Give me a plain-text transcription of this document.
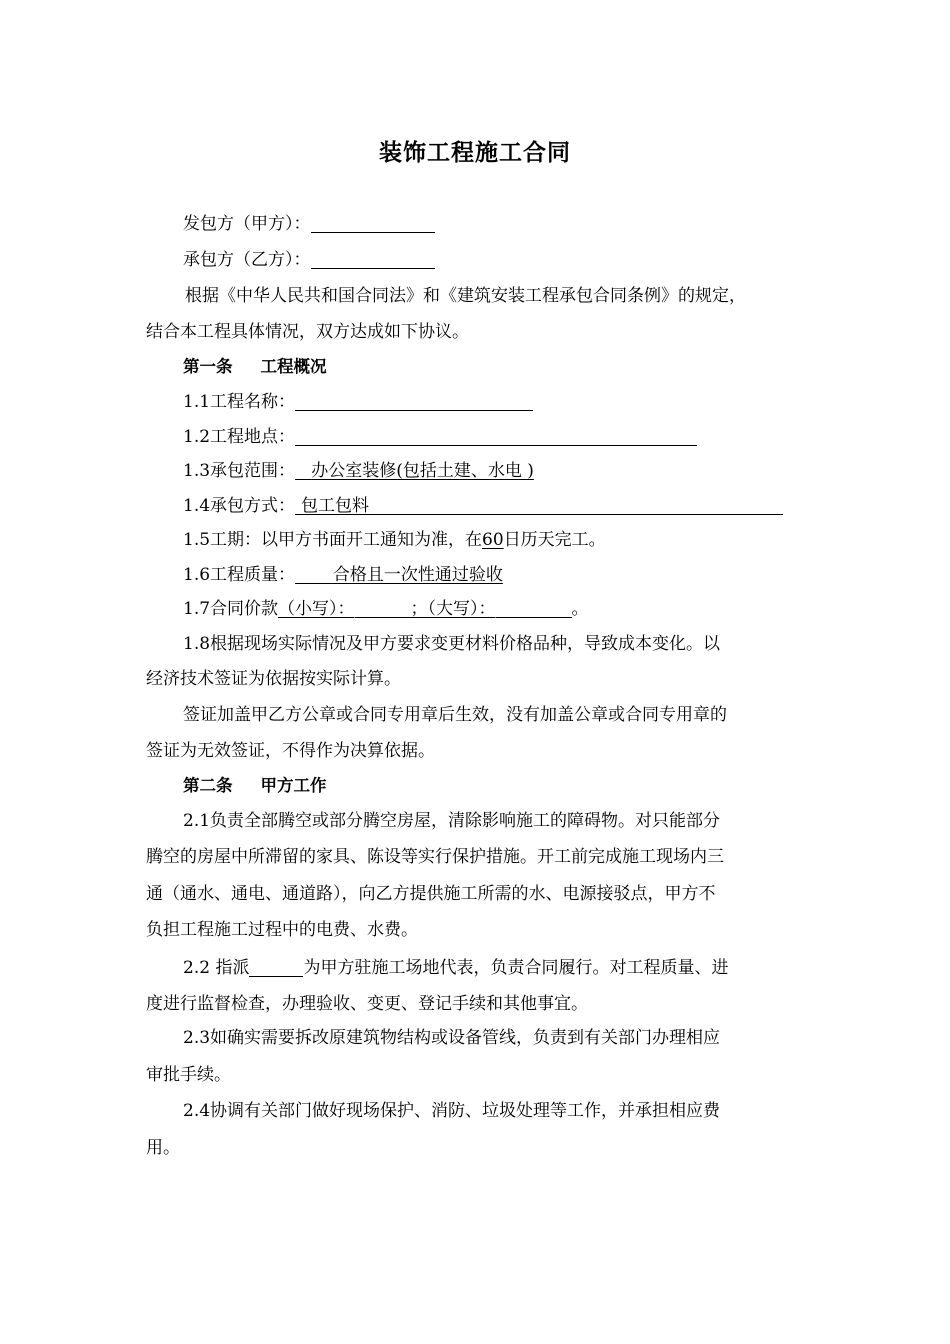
装饰工程施工合同
发包方（甲方）：
承包方（乙方）：
根据《中华人民共和国合同法》和《建筑安装工程承包合同条例》的规定，
结合本工程具体情况，双方达成如下协议。
第一条 工程概况
1.1工程名称：
1.2工程地点：
1.3承包范围： 办公室装修(包括土建、水电 )
1.4承包方式： 包工包料
1.5工期：以甲方书面开工通知为准，在60日历天完工。
1.6工程质量： 合格且一次性通过验收
1.7合同价款（小写）：	；（大写）：	。
1.8根据现场实际情况及甲方要求变更材料价格品种，导致成本变化。以
经济技术签证为依据按实际计算。
签证加盖甲乙方公章或合同专用章后生效，没有加盖公章或合同专用章的
签证为无效签证，不得作为决算依据。
第二条 甲方工作
2.1负责全部腾空或部分腾空房屋，清除影响施工的障碍物。对只能部分
腾空的房屋中所滞留的家具、陈设等实行保护措施。开工前完成施工现场内三
通（通水、通电、通道路），向乙方提供施工所需的水、电源接驳点，甲方不
负担工程施工过程中的电费、水费。
2.2 指派	为甲方驻施工场地代表，负责合同履行。对工程质量、进
度进行监督检查，办理验收、变更、登记手续和其他事宜。
2.3如确实需要拆改原建筑物结构或设备管线，负责到有关部门办理相应
审批手续。
2.4协调有关部门做好现场保护、消防、垃圾处理等工作，并承担相应费
用。
